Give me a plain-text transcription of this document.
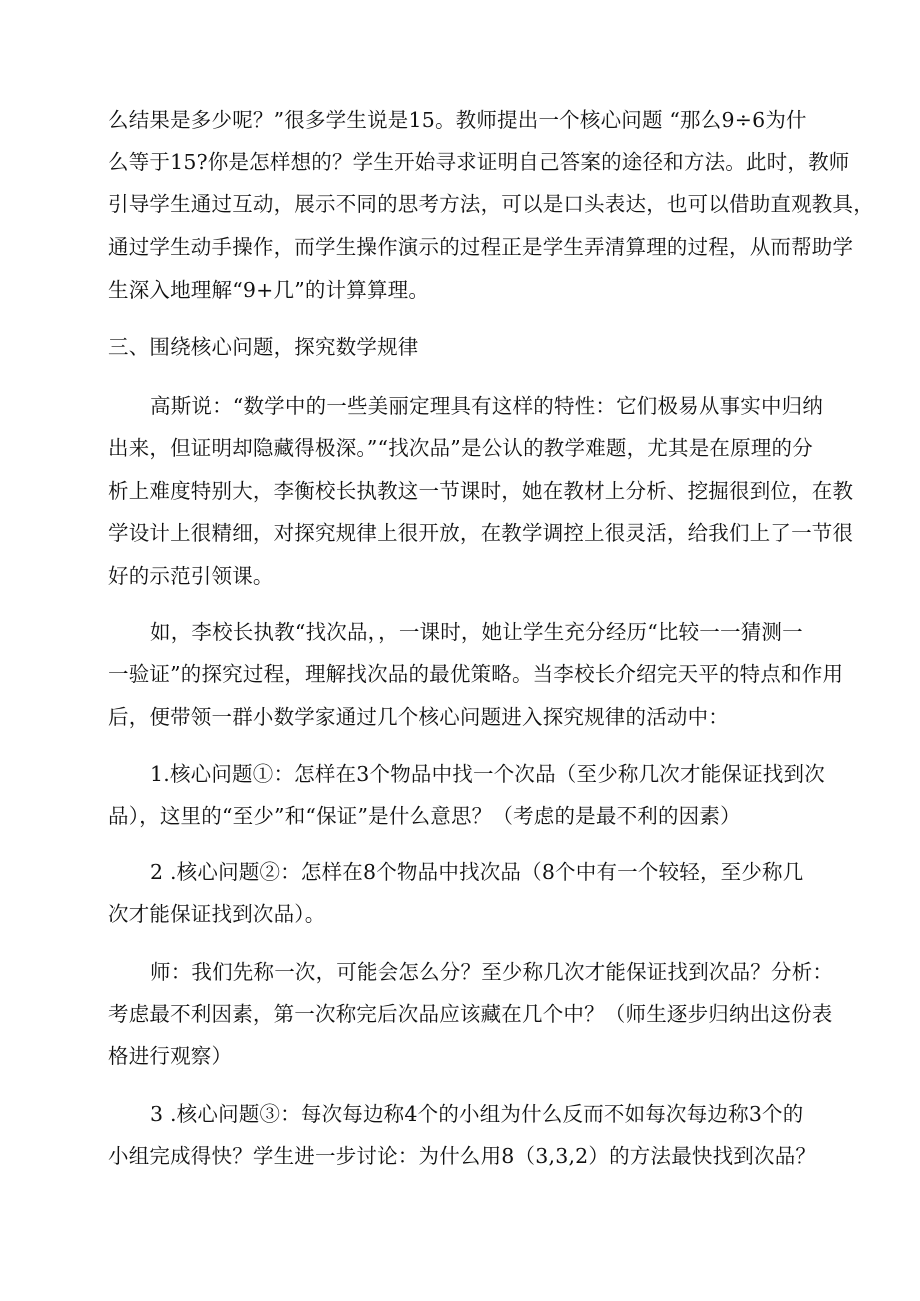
么结果是多少呢？”很多学生说是15。教师提出一个核心问题 “那么9÷6为什
么等于15?你是怎样想的？学生开始寻求证明自己答案的途径和方法。此时，教师
引导学生通过互动，展示不同的思考方法，可以是口头表达，也可以借助直观教具，
通过学生动手操作，而学生操作演示的过程正是学生弄清算理的过程，从而帮助学
生深入地理解“9+几”的计算算理。
三、围绕核心问题，探究数学规律
高斯说：“数学中的一些美丽定理具有这样的特性：它们极易从事实中归纳
出来，但证明却隐藏得极深。”“找次品”是公认的教学难题，尤其是在原理的分
析上难度特别大，李衡校长执教这一节课时，她在教材上分析、挖掘很到位，在教
学设计上很精细，对探究规律上很开放，在教学调控上很灵活，给我们上了一节很
好的示范引领课。
如，李校长执教“找次品，，一课时，她让学生充分经历“比较一一猜测一
一验证”的探究过程，理解找次品的最优策略。当李校长介绍完天平的特点和作用
后，便带领一群小数学家通过几个核心问题进入探究规律的活动中：
1.核心问题①：怎样在3个物品中找一个次品（至少称几次才能保证找到次
品），这里的“至少”和“保证”是什么意思？（考虑的是最不利的因素）
2 .核心问题②：怎样在8个物品中找次品（8个中有一个较轻，至少称几
次才能保证找到次品）。
师：我们先称一次，可能会怎么分？至少称几次才能保证找到次品？分析：
考虑最不利因素，第一次称完后次品应该藏在几个中？（师生逐步归纳出这份表
格进行观察）
3 .核心问题③：每次每边称4个的小组为什么反而不如每次每边称3个的
小组完成得快？学生进一步讨论：为什么用8（3,3,2）的方法最快找到次品？
